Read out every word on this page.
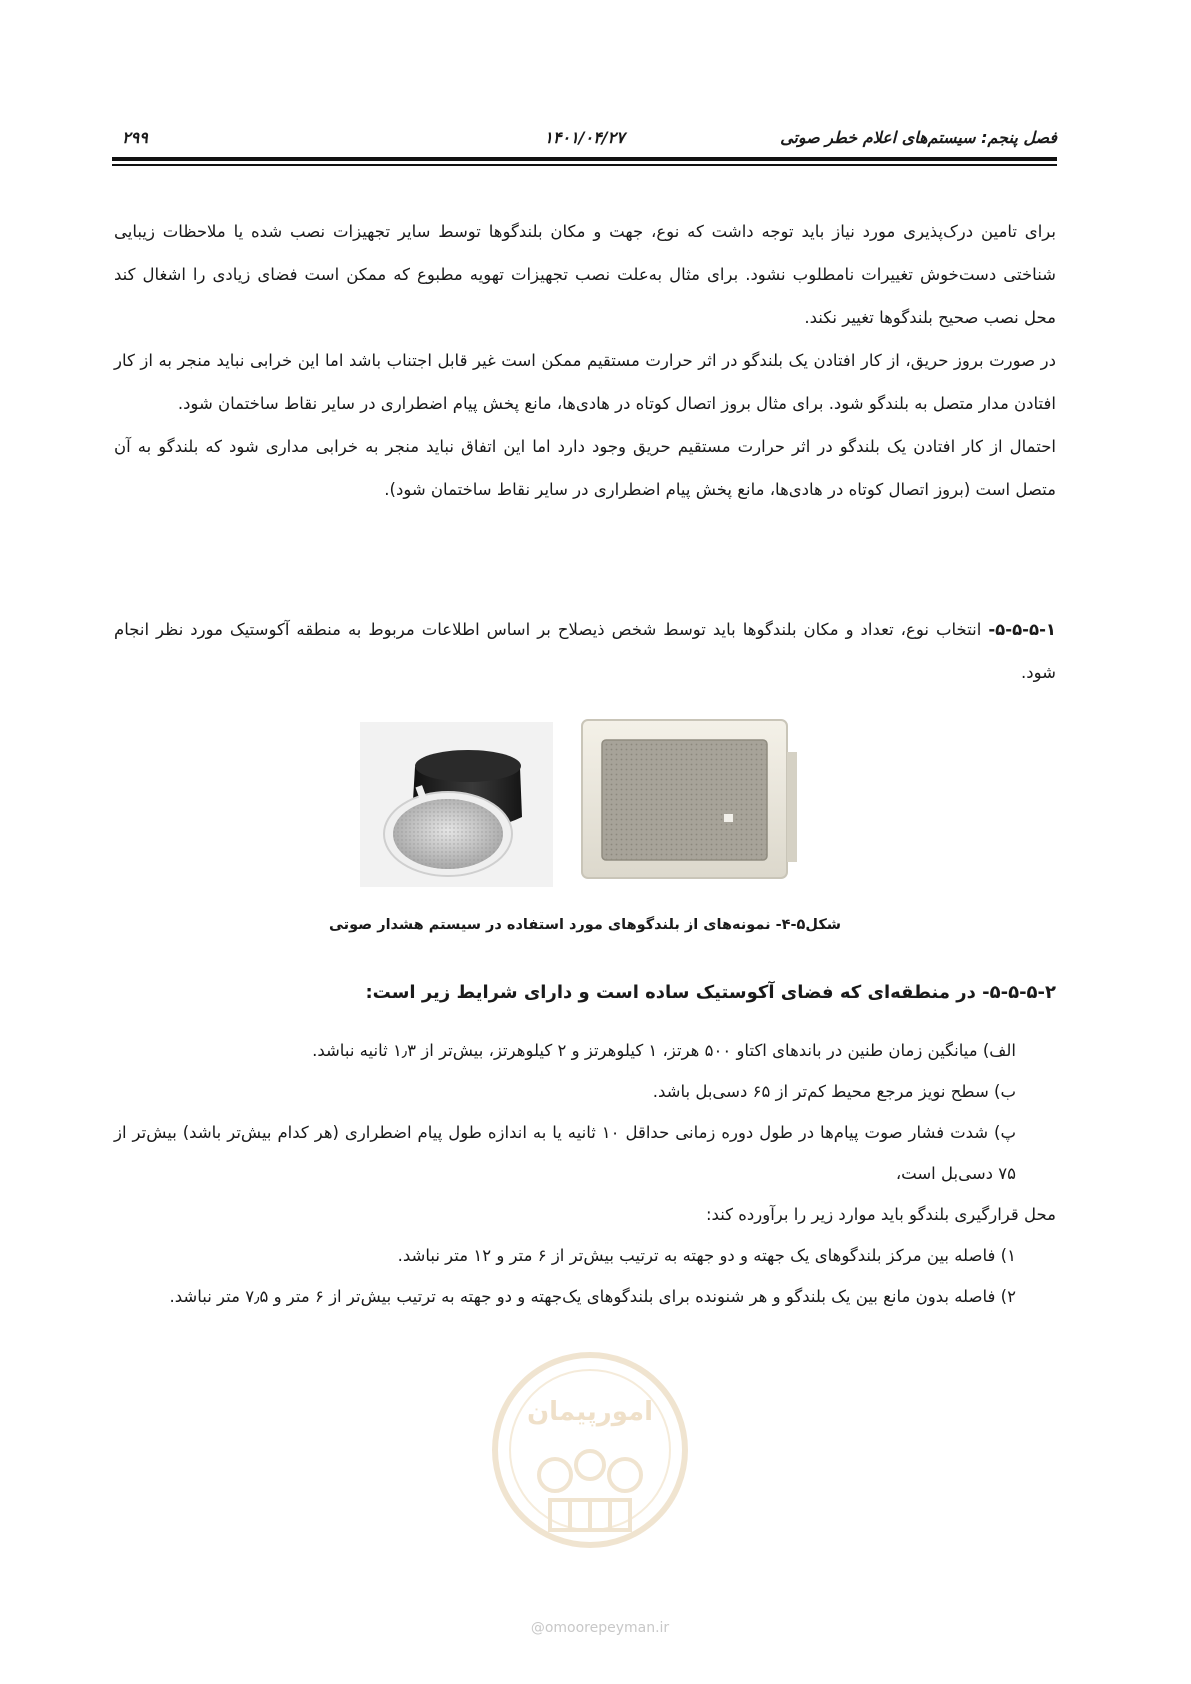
فصل پنجم: سیستم‌های اعلام خطر صوتی
۱۴۰۱/۰۴/۲۷
۲۹۹

برای تامین درک‌پذیری مورد نیاز باید توجه داشت که نوع، جهت و مکان بلندگوها توسط سایر تجهیزات نصب شده یا ملاحظات زیبایی شناختی دست‌خوش تغییرات نامطلوب نشود. برای مثال به‌علت نصب تجهیزات تهویه مطبوع که ممکن است فضای زیادی را اشغال کند محل نصب صحیح بلندگوها تغییر نکند.

در صورت بروز حریق، از کار افتادن یک بلندگو در اثر حرارت مستقیم ممکن است غیر قابل اجتناب باشد اما این خرابی نباید منجر به از کار افتادن مدار متصل به بلندگو شود. برای مثال بروز اتصال کوتاه در هادی‌ها، مانع پخش پیام اضطراری در سایر نقاط ساختمان شود.

احتمال از کار افتادن یک بلندگو در اثر حرارت مستقیم حریق وجود دارد اما این اتفاق نباید منجر به خرابی مداری شود که بلندگو به آن متصل است (بروز اتصال کوتاه در هادی‌ها، مانع پخش پیام اضطراری در سایر نقاط ساختمان شود).

۵-۵-۵-۱- انتخاب نوع، تعداد و مکان بلندگوها باید توسط شخص ذیصلاح بر اساس اطلاعات مربوط به منطقه آکوستیک مورد نظر انجام شود.

شکل۵-۴- نمونه‌های از بلندگوهای مورد استفاده در سیستم هشدار صوتی
۵-۵-۵-۲- در منطقه‌ای که فضای آکوستیک ساده است و دارای شرایط زیر است:

الف) میانگین زمان طنین در باندهای اکتاو ۵۰۰ هرتز، ۱ کیلوهرتز و ۲ کیلوهرتز، بیش‌تر از ۱٫۳ ثانیه نباشد.

ب) سطح نویز مرجع محیط کم‌تر از ۶۵ دسی‌بل باشد.

پ) شدت فشار صوت پیام‌ها در طول دوره زمانی حداقل ۱۰ ثانیه یا به اندازه طول پیام اضطراری (هر کدام بیش‌تر باشد) بیش‌تر از ۷۵ دسی‌بل است،

محل قرارگیری بلندگو باید موارد زیر را برآورده کند:

۱) فاصله بین مرکز بلندگوهای یک جهته و دو جهته به ترتیب بیش‌تر از ۶ متر و ۱۲ متر نباشد.

۲) فاصله بدون مانع بین یک بلندگو و هر شنونده برای بلندگوهای یک‌جهته و دو جهته به ترتیب بیش‌تر از ۶ متر و ۷٫۵ متر نباشد.

امورپیمان
@omoorepeyman.ir
